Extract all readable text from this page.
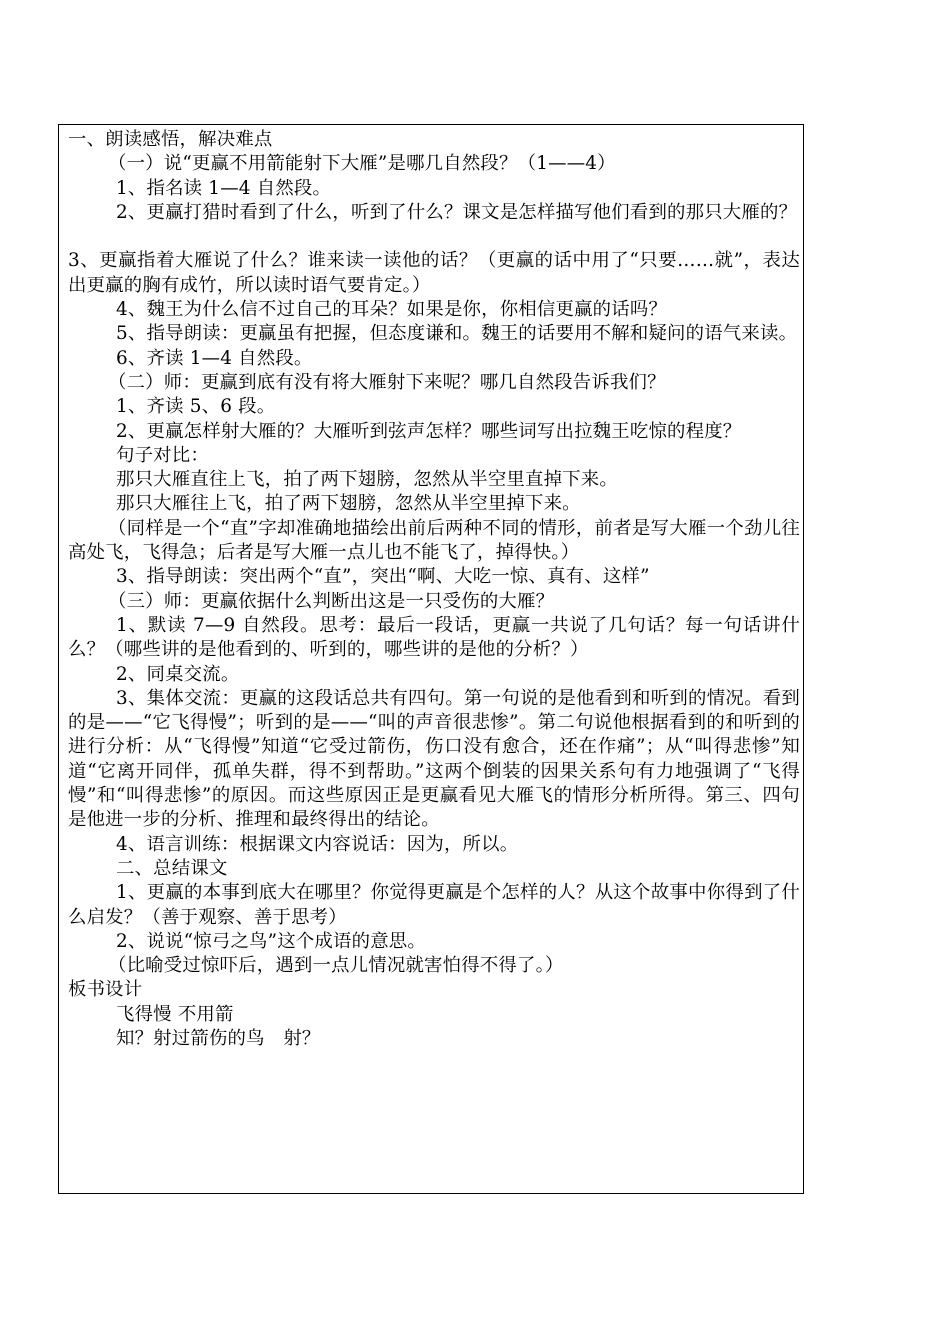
一、朗读感悟，解决难点

（一）说“更赢不用箭能射下大雁”是哪几自然段？（1——4）

1、指名读 1—4 自然段。

2、更赢打猎时看到了什么，听到了什么？课文是怎样描写他们看到的那只大雁的？

3、更赢指着大雁说了什么？谁来读一读他的话？（更赢的话中用了“只要……就”，表达出更赢的胸有成竹，所以读时语气要肯定。）

4、魏王为什么信不过自己的耳朵？如果是你，你相信更赢的话吗？

5、指导朗读：更赢虽有把握，但态度谦和。魏王的话要用不解和疑问的语气来读。

6、齐读 1—4 自然段。

（二）师：更赢到底有没有将大雁射下来呢？哪几自然段告诉我们？

1、齐读 5、6 段。

2、更赢怎样射大雁的？大雁听到弦声怎样？哪些词写出拉魏王吃惊的程度？

句子对比：

那只大雁直往上飞，拍了两下翅膀，忽然从半空里直掉下来。

那只大雁往上飞，拍了两下翅膀，忽然从半空里掉下来。

（同样是一个“直”字却准确地描绘出前后两种不同的情形，前者是写大雁一个劲儿往高处飞，飞得急；后者是写大雁一点儿也不能飞了，掉得快。）

3、指导朗读：突出两个“直”，突出“啊、大吃一惊、真有、这样”

（三）师：更赢依据什么判断出这是一只受伤的大雁？

1、默读 7—9 自然段。思考：最后一段话，更赢一共说了几句话？每一句话讲什么？（哪些讲的是他看到的、听到的，哪些讲的是他的分析？）

2、同桌交流。

3、集体交流：更赢的这段话总共有四句。第一句说的是他看到和听到的情况。看到的是——“它飞得慢”；听到的是——“叫的声音很悲惨”。第二句说他根据看到的和听到的进行分析：从“飞得慢”知道“它受过箭伤，伤口没有愈合，还在作痛”；从“叫得悲惨”知道“它离开同伴，孤单失群，得不到帮助。”这两个倒装的因果关系句有力地强调了“飞得慢”和“叫得悲惨”的原因。而这些原因正是更赢看见大雁飞的情形分析所得。第三、四句是他进一步的分析、推理和最终得出的结论。

4、语言训练：根据课文内容说话：因为，所以。

二、总结课文

1、更赢的本事到底大在哪里？你觉得更赢是个怎样的人？从这个故事中你得到了什么启发？（善于观察、善于思考）

2、说说“惊弓之鸟”这个成语的意思。

（比喻受过惊吓后，遇到一点儿情况就害怕得不得了。）

板书设计

飞得慢 不用箭

知？射过箭伤的鸟　射？
